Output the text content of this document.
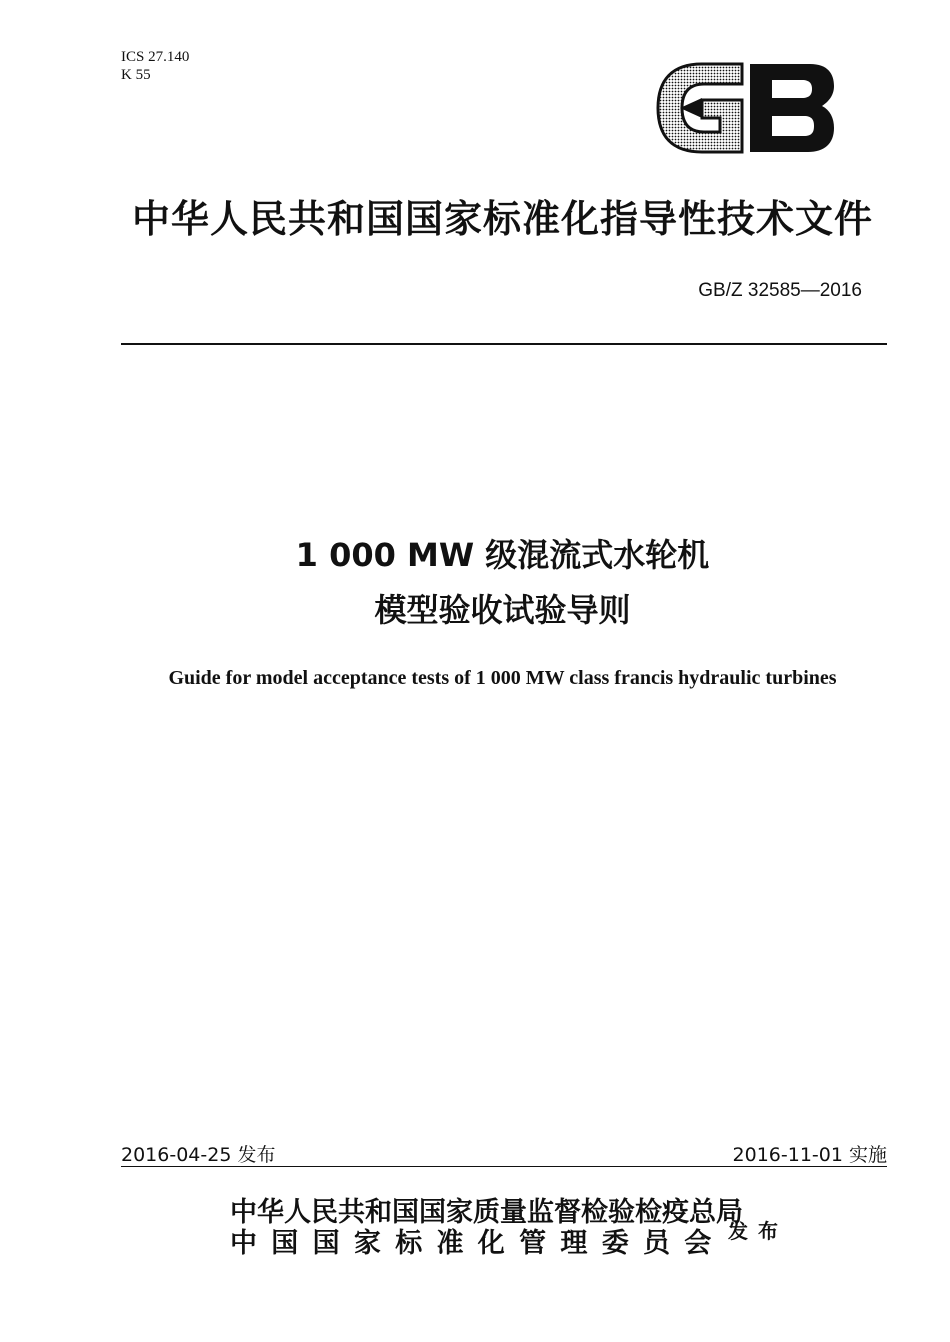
ICS 27.140
K 55
中华人民共和国国家标准化指导性技术文件
GB/Z 32585—2016
1 000 MW 级混流式水轮机
模型验收试验导则
Guide for model acceptance tests of 1 000 MW class francis hydraulic turbines
2016-04-25 发布	2016-11-01 实施
中华人民共和国国家质量监督检验检疫总局
中国国家标准化管理委员会 发布
